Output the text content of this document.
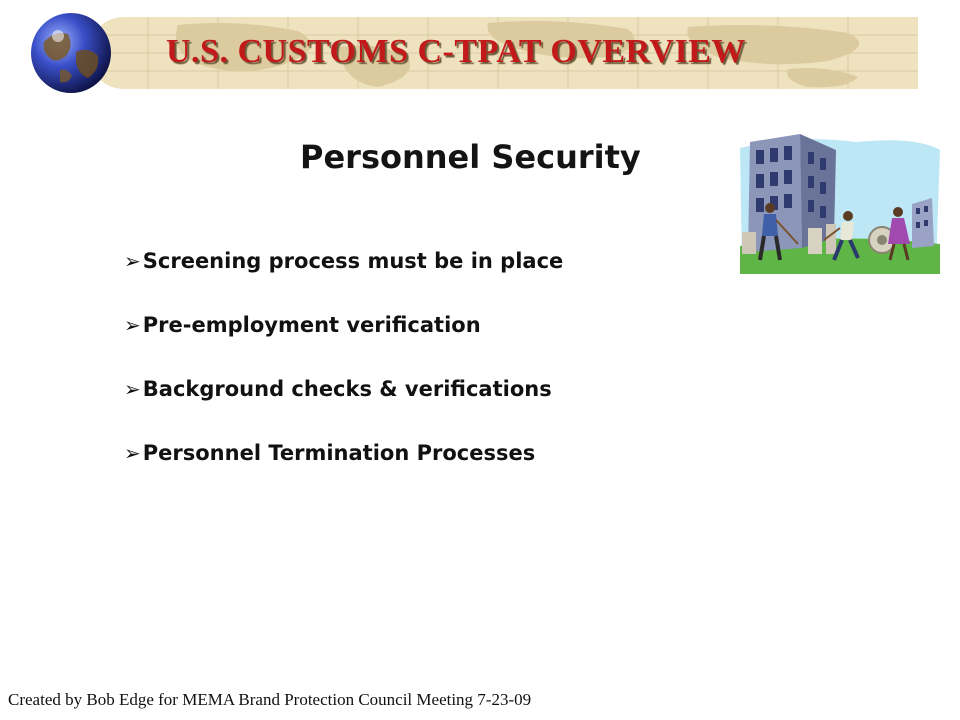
U.S. CUSTOMS C-TPAT OVERVIEW
Personnel Security
➢ Screening process must be in place
➢ Pre-employment verification
➢ Background checks & verifications
➢ Personnel Termination Processes
Created by Bob Edge for MEMA Brand Protection Council Meeting 7-23-09
